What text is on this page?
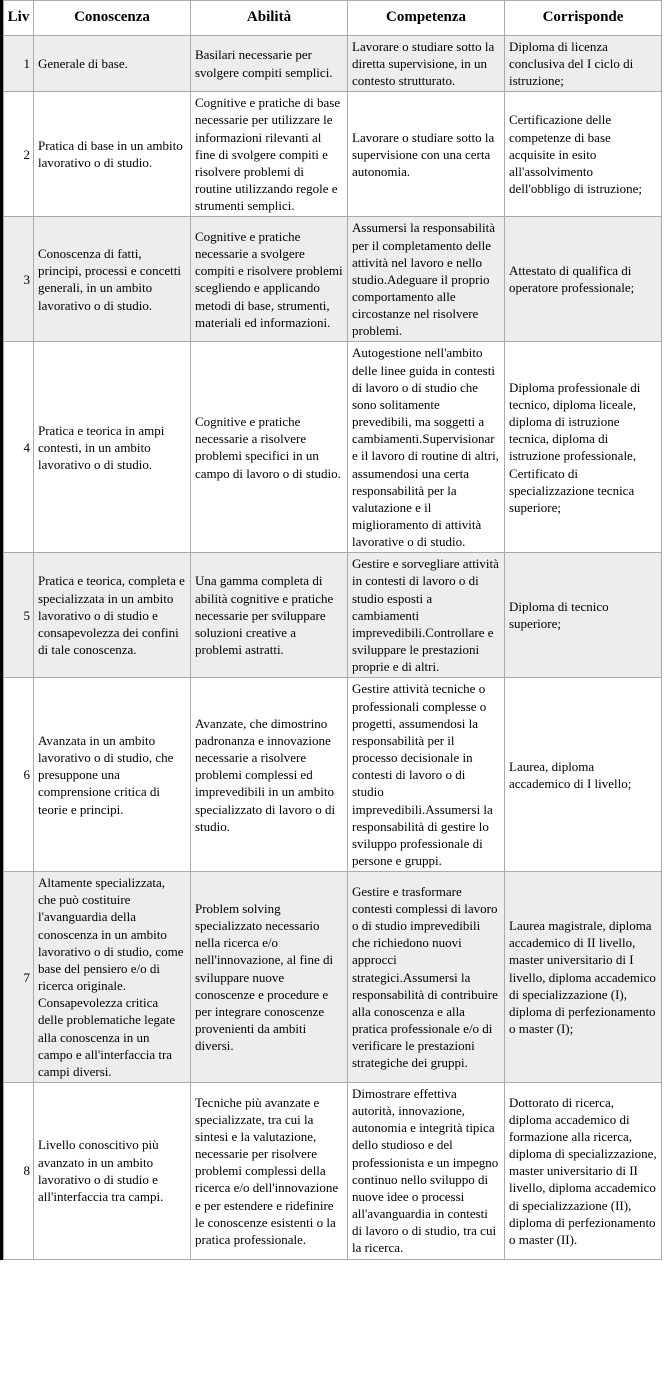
Liv	Conoscenza	Abilità	Competenza	Corrisponde
1	Generale di base.	Basilari necessarie per svolgere compiti semplici.	Lavorare o studiare sotto la diretta supervisione, in un contesto strutturato.	Diploma di licenza conclusiva del I ciclo di istruzione;
2	Pratica di base in un ambito lavorativo o di studio.	Cognitive e pratiche di base necessarie per utilizzare le informazioni rilevanti al fine di svolgere compiti e risolvere problemi di routine utilizzando regole e strumenti semplici.	Lavorare o studiare sotto la supervisione con una certa autonomia.	Certificazione delle competenze di base acquisite in esito all'assolvimento dell'obbligo di istruzione;
3	Conoscenza di fatti, principi, processi e concetti generali, in un ambito lavorativo o di studio.	Cognitive e pratiche necessarie a svolgere compiti e risolvere problemi scegliendo e applicando metodi di base, strumenti, materiali ed informazioni.	Assumersi la responsabilità per il completamento delle attività nel lavoro e nello studio.Adeguare il proprio comportamento alle circostanze nel risolvere problemi.	Attestato di qualifica di operatore professionale;
4	Pratica e teorica in ampi contesti, in un ambito lavorativo o di studio.	Cognitive e pratiche necessarie a risolvere problemi specifici in un campo di lavoro o di studio.	Autogestione nell'ambito delle linee guida in contesti di lavoro o di studio che sono solitamente prevedibili, ma soggetti a cambiamenti.Supervisionare il lavoro di routine di altri, assumendosi una certa responsabilità per la valutazione e il miglioramento di attività lavorative o di studio.	Diploma professionale di tecnico, diploma liceale, diploma di istruzione tecnica, diploma di istruzione professionale, Certificato di specializzazione tecnica superiore;
5	Pratica e teorica, completa e specializzata in un ambito lavorativo o di studio e consapevolezza dei confini di tale conoscenza.	Una gamma completa di abilità cognitive e pratiche necessarie per sviluppare soluzioni creative a problemi astratti.	Gestire e sorvegliare attività in contesti di lavoro o di studio esposti a cambiamenti imprevedibili.Controllare e sviluppare le prestazioni proprie e di altri.	Diploma di tecnico superiore;
6	Avanzata in un ambito lavorativo o di studio, che presuppone una comprensione critica di teorie e principi.	Avanzate, che dimostrino padronanza e innovazione necessarie a risolvere problemi complessi ed imprevedibili in un ambito specializzato di lavoro o di studio.	Gestire attività tecniche o professionali complesse o progetti, assumendosi la responsabilità per il processo decisionale in contesti di lavoro o di studio imprevedibili.Assumersi la responsabilità di gestire lo sviluppo professionale di persone e gruppi.	Laurea, diploma accademico di I livello;
7	Altamente specializzata, che può costituire l'avanguardia della conoscenza in un ambito lavorativo o di studio, come base del pensiero e/o di ricerca originale. Consapevolezza critica delle problematiche legate alla conoscenza in un campo e all'interfaccia tra campi diversi.	Problem solving specializzato necessario nella ricerca e/o nell'innovazione, al fine di sviluppare nuove conoscenze e procedure e per integrare conoscenze provenienti da ambiti diversi.	Gestire e trasformare contesti complessi di lavoro o di studio imprevedibili che richiedono nuovi approcci strategici.Assumersi la responsabilità di contribuire alla conoscenza e alla pratica professionale e/o di verificare le prestazioni strategiche dei gruppi.	Laurea magistrale, diploma accademico di II livello, master universitario di I livello, diploma accademico di specializzazione (I), diploma di perfezionamento o master (I);
8	Livello conoscitivo più avanzato in un ambito lavorativo o di studio e all'interfaccia tra campi.	Tecniche più avanzate e specializzate, tra cui la sintesi e la valutazione, necessarie per risolvere problemi complessi della ricerca e/o dell'innovazione e per estendere e ridefinire le conoscenze esistenti o la pratica professionale.	Dimostrare effettiva autorità, innovazione, autonomia e integrità tipica dello studioso e del professionista e un impegno continuo nello sviluppo di nuove idee o processi all'avanguardia in contesti di lavoro o di studio, tra cui la ricerca.	Dottorato di ricerca, diploma accademico di formazione alla ricerca, diploma di specializzazione, master universitario di II livello, diploma accademico di specializzazione (II), diploma di perfezionamento o master (II).
